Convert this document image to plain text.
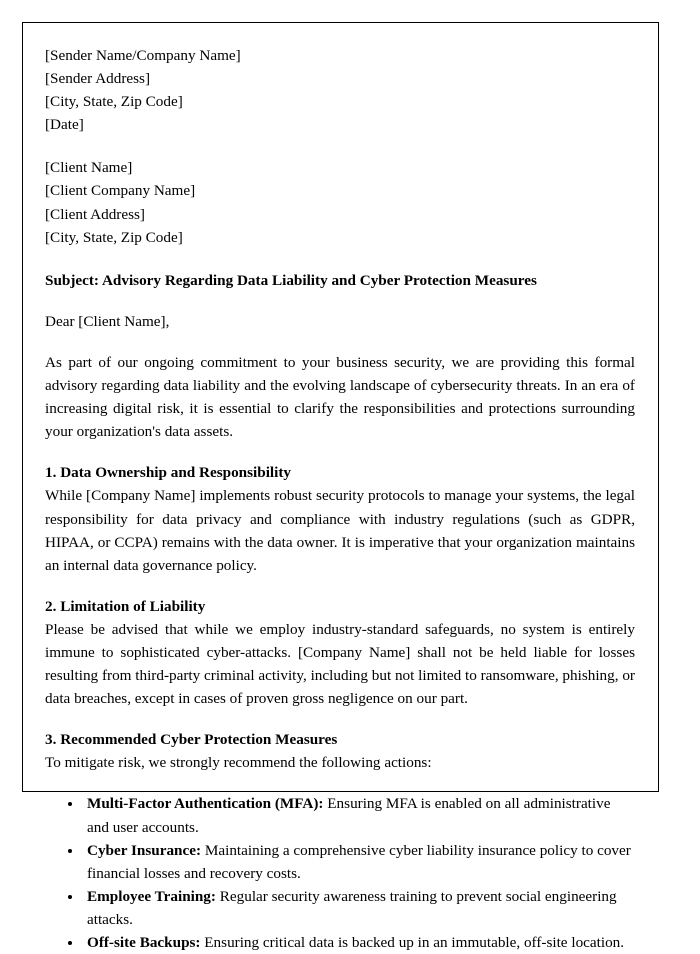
[Sender Name/Company Name]
[Sender Address]
[City, State, Zip Code]
[Date]
[Client Name]
[Client Company Name]
[Client Address]
[City, State, Zip Code]
Subject: Advisory Regarding Data Liability and Cyber Protection Measures
Dear [Client Name],
As part of our ongoing commitment to your business security, we are providing this formal advisory regarding data liability and the evolving landscape of cybersecurity threats. In an era of increasing digital risk, it is essential to clarify the responsibilities and protections surrounding your organization's data assets.
1. Data Ownership and Responsibility
While [Company Name] implements robust security protocols to manage your systems, the legal responsibility for data privacy and compliance with industry regulations (such as GDPR, HIPAA, or CCPA) remains with the data owner. It is imperative that your organization maintains an internal data governance policy.
2. Limitation of Liability
Please be advised that while we employ industry-standard safeguards, no system is entirely immune to sophisticated cyber-attacks. [Company Name] shall not be held liable for losses resulting from third-party criminal activity, including but not limited to ransomware, phishing, or data breaches, except in cases of proven gross negligence on our part.
3. Recommended Cyber Protection Measures
To mitigate risk, we strongly recommend the following actions:
• Multi-Factor Authentication (MFA): Ensuring MFA is enabled on all administrative and user accounts.
• Cyber Insurance: Maintaining a comprehensive cyber liability insurance policy to cover financial losses and recovery costs.
• Employee Training: Regular security awareness training to prevent social engineering attacks.
• Off-site Backups: Ensuring critical data is backed up in an immutable, off-site location.
